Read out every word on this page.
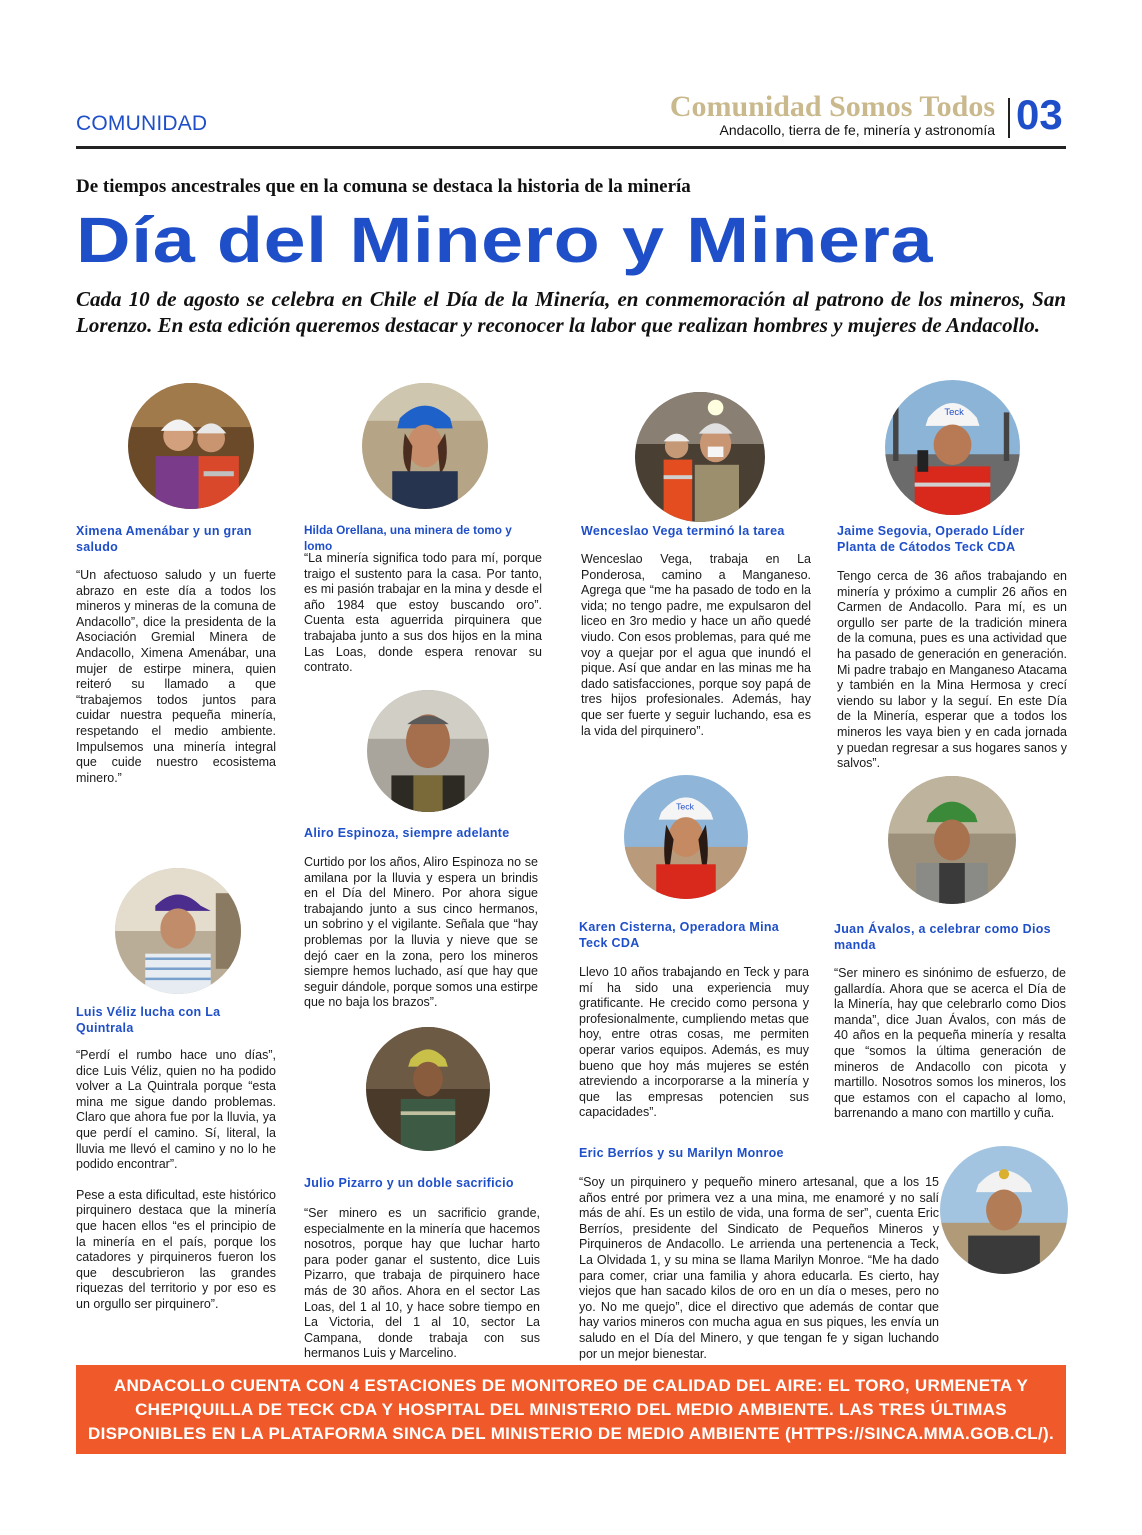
COMUNIDAD
Comunidad Somos Todos
Andacollo, tierra de fe, minería y astronomía 03
De tiempos ancestrales que en la comuna se destaca la historia de la minería
Día del Minero y Minera
Cada 10 de agosto se celebra en Chile el Día de la Minería, en conmemoración al patrono de los mineros, San Lorenzo. En esta edición queremos destacar y reconocer la labor que realizan hombres y mujeres de Andacollo.
Teck
Teck
Ximena Amenábar y un gran saludo
“Un afectuoso saludo y un fuerte abrazo en este día a todos los mineros y mineras de la comuna de Andacollo”, dice la presidenta de la Asociación Gremial Minera de Andacollo, Ximena Amenábar, una mujer de estirpe minera, quien reiteró su llamado a que “trabajemos todos juntos para cuidar nuestra pequeña minería, respetando el medio ambiente. Impulsemos una minería integral que cuide nuestro ecosistema minero.”
Luis Véliz lucha con La Quintrala

“Perdí el rumbo hace uno días”, dice Luis Véliz, quien no ha podido volver a La Quintrala porque “esta mina me sigue dando problemas. Claro que ahora fue por la lluvia, ya que perdí el camino. Sí, literal, la lluvia me llevó el camino y no lo he podido encontrar”.

Pese a esta dificultad, este histórico pirquinero destaca que la minería que hacen ellos “es el principio de la minería en el país, porque los catadores y pirquineros fueron los que descubrieron las grandes riquezas del territorio y por eso es un orgullo ser pirquinero”.

Hilda Orellana, una minera de tomo y lomo
“La minería significa todo para mí, porque traigo el sustento para la casa. Por tanto, es mi pasión trabajar en la mina y desde el año 1984 que estoy buscando oro”. Cuenta esta aguerrida pirquinera que trabajaba junto a sus dos hijos en la mina Las Loas, donde espera renovar su contrato.
Aliro Espinoza, siempre adelante
Curtido por los años, Aliro Espinoza no se amilana por la lluvia y espera un brindis en el Día del Minero. Por ahora sigue trabajando junto a sus cinco hermanos, un sobrino y el vigilante. Señala que “hay problemas por la lluvia y nieve que se dejó caer en la zona, pero los mineros siempre hemos luchado, así que hay que seguir dándole, porque somos una estirpe que no baja los brazos”.
Julio Pizarro y un doble sacrificio
“Ser minero es un sacrificio grande, especialmente en la minería que hacemos nosotros, porque hay que luchar harto para poder ganar el sustento, dice Luis Pizarro, que trabaja de pirquinero hace más de 30 años. Ahora en el sector Las Loas, del 1 al 10, y hace sobre tiempo en La Victoria, del 1 al 10, sector La Campana, donde trabaja con sus hermanos Luis y Marcelino.
Wenceslao Vega terminó la tarea
Wenceslao Vega, trabaja en La Ponderosa, camino a Manganeso. Agrega que “me ha pasado de todo en la vida; no tengo padre, me expulsaron del liceo en 3ro medio y hace un año quedé viudo. Con esos problemas, para qué me voy a quejar por el agua que inundó el pique. Así que andar en las minas me ha dado satisfacciones, porque soy papá de tres hijos profesionales. Además, hay que ser fuerte y seguir luchando, esa es la vida del pirquinero”.
Karen Cisterna, Operadora Mina Teck CDA
Llevo 10 años trabajando en Teck y para mí ha sido una experiencia muy gratificante. He crecido como persona y profesionalmente, cumpliendo metas que hoy, entre otras cosas, me permiten operar varios equipos. Además, es muy bueno que hoy más mujeres se estén atreviendo a incorporarse a la minería y que las empresas potencien sus capacidades”.
Jaime Segovia, Operado Líder Planta de Cátodos Teck CDA
Tengo cerca de 36 años trabajando en minería y próximo a cumplir 26 años en Carmen de Andacollo. Para mí, es un orgullo ser parte de la tradición minera de la comuna, pues es una actividad que ha pasado de generación en generación. Mi padre trabajo en Manganeso Atacama y también en la Mina Hermosa y crecí viendo su labor y la seguí. En este Día de la Minería, esperar que a todos los mineros les vaya bien y en cada jornada y puedan regresar a sus hogares sanos y salvos”.
Juan Ávalos, a celebrar como Dios manda
“Ser minero es sinónimo de esfuerzo, de gallardía. Ahora que se acerca el Día de la Minería, hay que celebrarlo como Dios manda”, dice Juan Ávalos, con más de 40 años en la pequeña minería y resalta que “somos la última generación de mineros de Andacollo con picota y martillo. Nosotros somos los mineros, los que estamos con el capacho al lomo, barrenando a mano con martillo y cuña.
Eric Berríos y su Marilyn Monroe
“Soy un pirquinero y pequeño minero artesanal, que a los 15 años entré por primera vez a una mina, me enamoré y no salí más de ahí. Es un estilo de vida, una forma de ser”, cuenta Eric Berríos, presidente del Sindicato de Pequeños Mineros y Pirquineros de Andacollo. Le arrienda una pertenencia a Teck, La Olvidada 1, y su mina se llama Marilyn Monroe. “Me ha dado para comer, criar una familia y ahora educarla. Es cierto, hay viejos que han sacado kilos de oro en un día o meses, pero no yo. No me quejo”, dice el directivo que además de contar que hay varios mineros con mucha agua en sus piques, les envía un saludo en el Día del Minero, y que tengan fe y sigan luchando por un mejor bienestar.
ANDACOLLO CUENTA CON 4 ESTACIONES DE MONITOREO DE CALIDAD DEL AIRE: EL TORO, URMENETA Y CHEPIQUILLA DE TECK CDA Y HOSPITAL DEL MINISTERIO DEL MEDIO AMBIENTE. LAS TRES ÚLTIMAS DISPONIBLES EN LA PLATAFORMA SINCA DEL MINISTERIO DE MEDIO AMBIENTE (HTTPS://SINCA.MMA.GOB.CL/).
